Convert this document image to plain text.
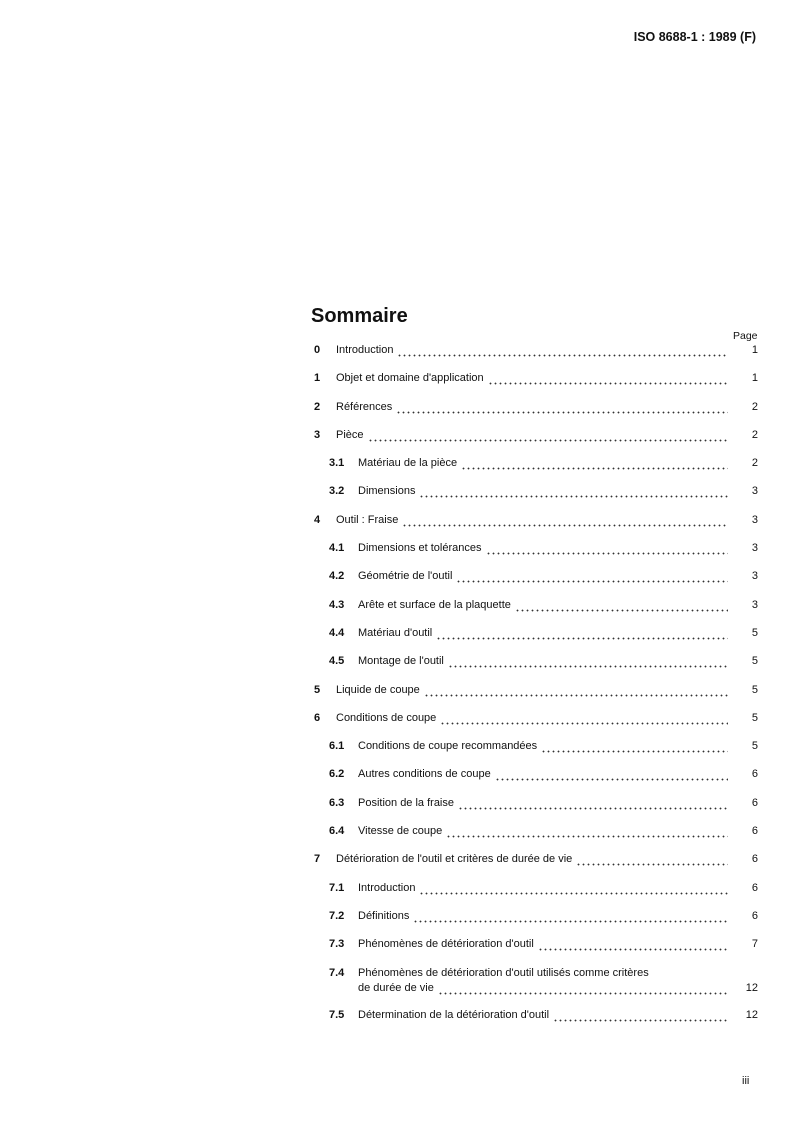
ISO 8688-1 : 1989 (F)
Sommaire
Page
0	Introduction	1
1	Objet et domaine d'application	1
2	Références	2
3	Pièce	2
3.1	Matériau de la pièce	2
3.2	Dimensions	3
4	Outil : Fraise	3
4.1	Dimensions et tolérances	3
4.2	Géométrie de l'outil	3
4.3	Arête et surface de la plaquette	3
4.4	Matériau d'outil	5
4.5	Montage de l'outil	5
5	Liquide de coupe	5
6	Conditions de coupe	5
6.1	Conditions de coupe recommandées	5
6.2	Autres conditions de coupe	6
6.3	Position de la fraise	6
6.4	Vitesse de coupe	6
7	Détérioration de l'outil et critères de durée de vie	6
7.1	Introduction	6
7.2	Définitions	6
7.3	Phénomènes de détérioration d'outil	7
7.4	Phénomènes de détérioration d'outil utilisés comme critères
de durée de vie	12
7.5	Détermination de la détérioration d'outil	12
iii
